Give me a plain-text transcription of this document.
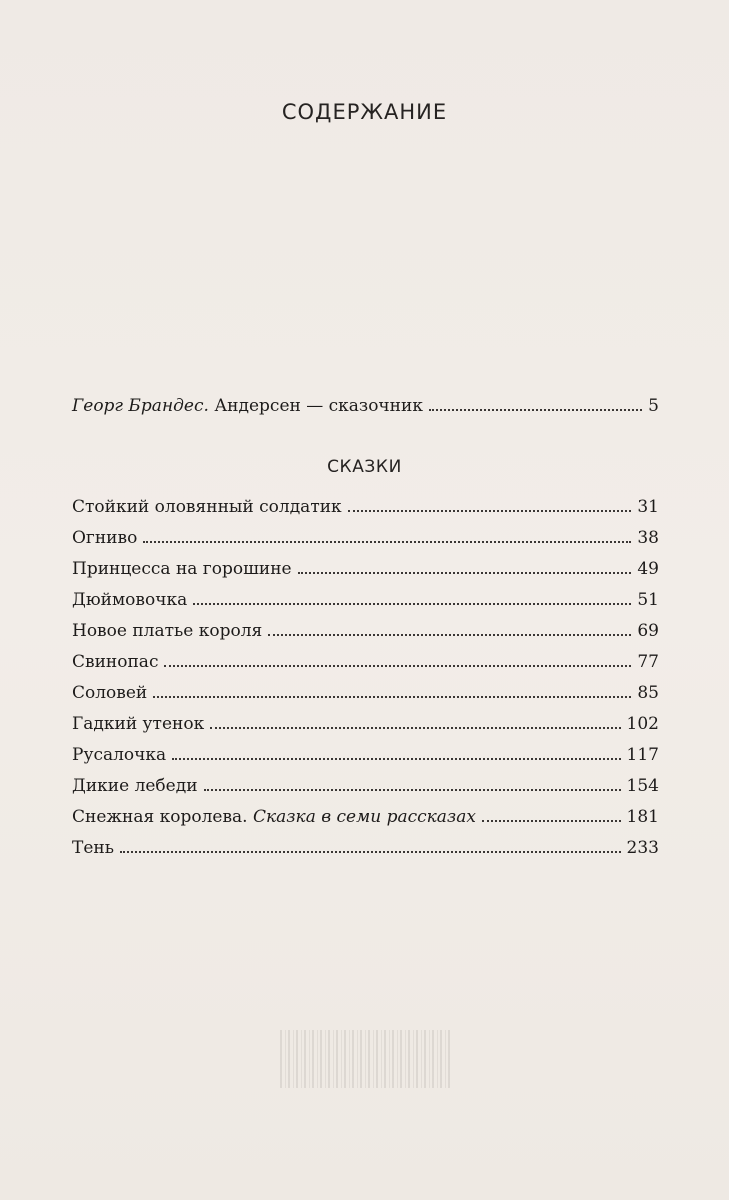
СОДЕРЖАНИЕ
Георг Брандес. Андерсен — сказочник	5
СКАЗКИ
Стойкий оловянный солдатик	31
Огниво	38
Принцесса на горошине	49
Дюймовочка	51
Новое платье короля	69
Свинопас	77
Соловей	85
Гадкий утенок	102
Русалочка	117
Дикие лебеди	154
Снежная королева. Сказка в семи рассказах	181
Тень	233
